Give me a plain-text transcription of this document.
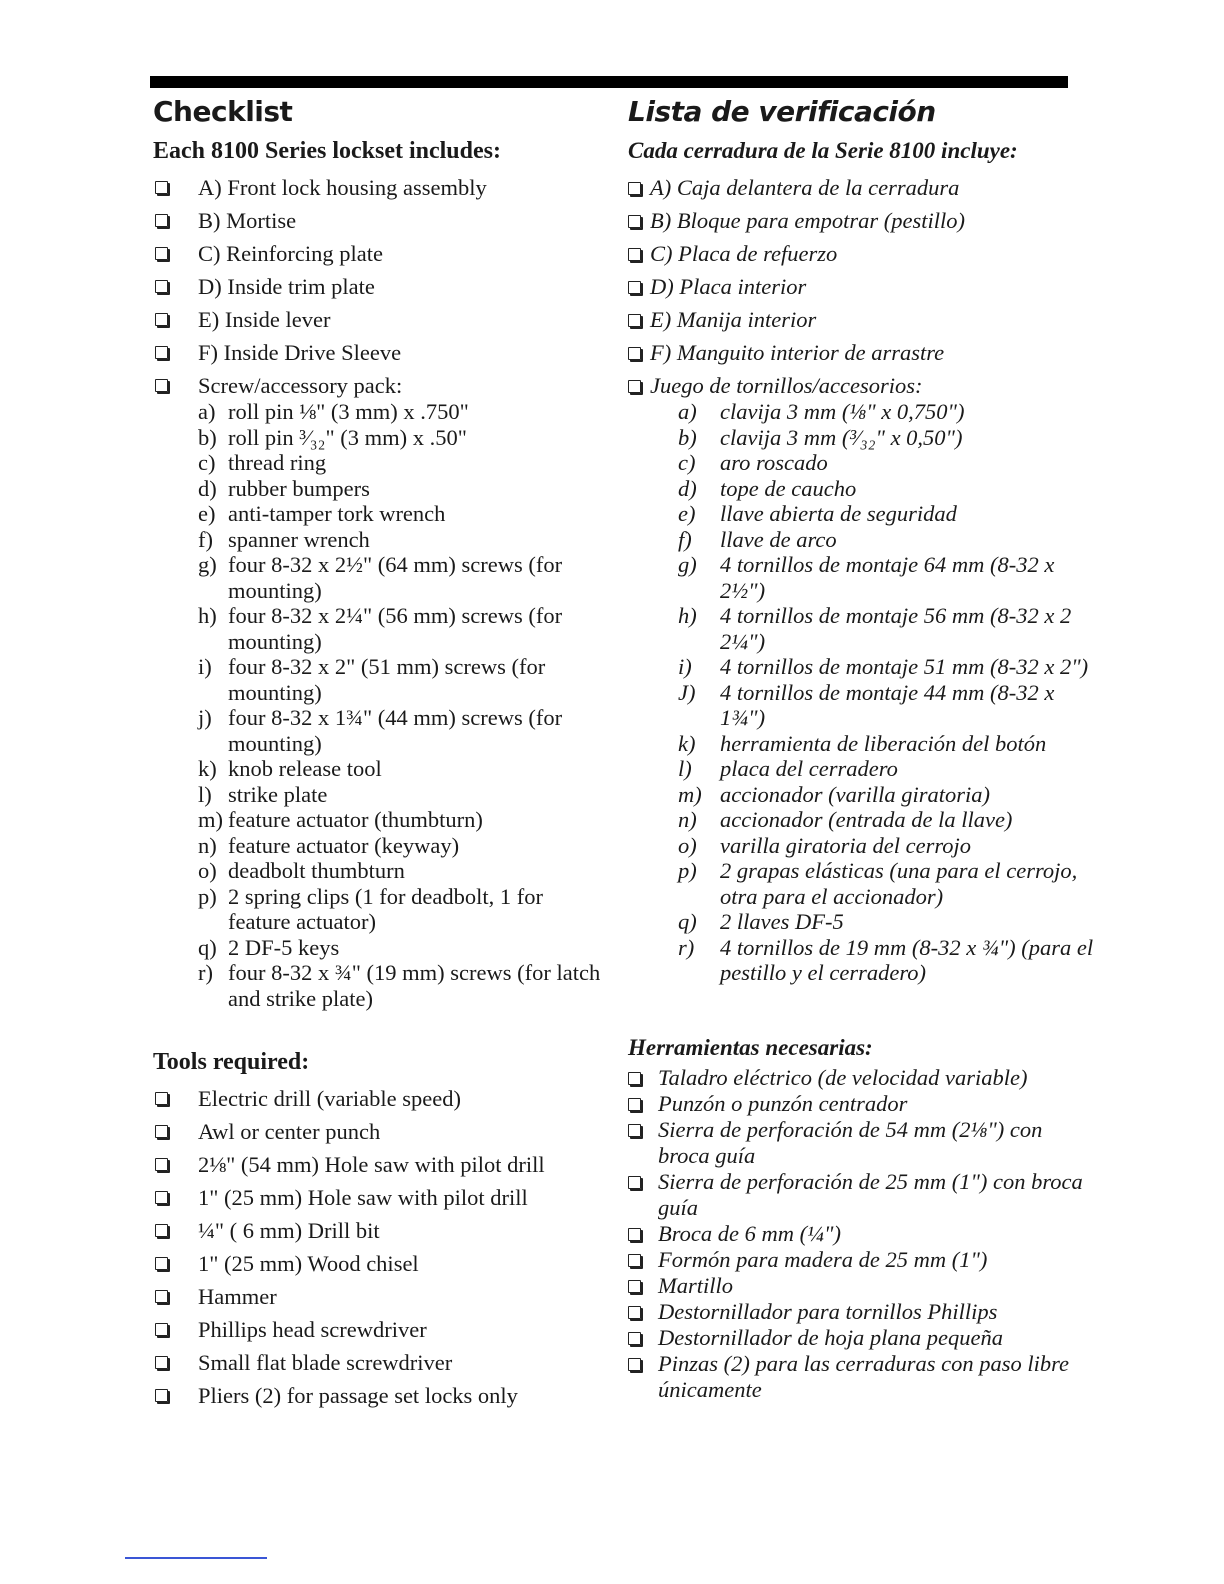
Checklist
Each 8100 Series lockset includes:
A) Front lock housing assembly
B) Mortise
C) Reinforcing plate
D) Inside trim plate
E) Inside lever
F) Inside Drive Sleeve
Screw/accessory pack:
a) roll pin ⅛" (3 mm) x .750"
b) roll pin ³⁄₃₂" (3 mm) x .50"
c) thread ring
d) rubber bumpers
e) anti-tamper tork wrench
f) spanner wrench
g) four 8-32 x 2½" (64 mm) screws (for mounting)
h) four 8-32 x 2¼" (56 mm) screws (for mounting)
i) four 8-32 x 2" (51 mm) screws (for mounting)
j) four 8-32 x 1¾" (44 mm) screws (for mounting)
k) knob release tool
l) strike plate
m) feature actuator (thumbturn)
n) feature actuator (keyway)
o) deadbolt thumbturn
p) 2 spring clips (1 for deadbolt, 1 for feature actuator)
q) 2 DF-5 keys
r) four 8-32 x ¾" (19 mm) screws (for latch and strike plate)
Tools required:
Electric drill (variable speed)
Awl or center punch
2⅛" (54 mm) Hole saw with pilot drill
1" (25 mm) Hole saw with pilot drill
¼" ( 6 mm) Drill bit
1" (25 mm) Wood chisel
Hammer
Phillips head screwdriver
Small flat blade screwdriver
Pliers (2) for passage set locks only
Lista de verificación
Cada cerradura de la Serie 8100 incluye:
A) Caja delantera de la cerradura
B) Bloque para empotrar (pestillo)
C) Placa de refuerzo
D) Placa interior
E) Manija interior
F) Manguito interior de arrastre
Juego de tornillos/accesorios:
a) clavija 3 mm (⅛" x 0,750")
b) clavija 3 mm (³⁄₃₂" x 0,50")
c) aro roscado
d) tope de caucho
e) llave abierta de seguridad
f) llave de arco
g) 4 tornillos de montaje 64 mm (8-32 x 2½")
h) 4 tornillos de montaje 56 mm (8-32 x 2 2¼")
i) 4 tornillos de montaje 51 mm (8-32 x 2")
J) 4 tornillos de montaje 44 mm (8-32 x 1¾")
k) herramienta de liberación del botón
l) placa del cerradero
m) accionador (varilla giratoria)
n) accionador (entrada de la llave)
o) varilla giratoria del cerrojo
p) 2 grapas elásticas (una para el cerrojo, otra para el accionador)
q) 2 llaves DF-5
r) 4 tornillos de 19 mm (8-32 x ¾") (para el pestillo y el cerradero)
Herramientas necesarias:
Taladro eléctrico (de velocidad variable)
Punzón o punzón centrador
Sierra de perforación de 54 mm (2⅛") con broca guía
Sierra de perforación de 25 mm (1") con broca guía
Broca de 6 mm (¼")
Formón para madera de 25 mm (1")
Martillo
Destornillador para tornillos Phillips
Destornillador de hoja plana pequeña
Pinzas (2) para las cerraduras con paso libre únicamente
